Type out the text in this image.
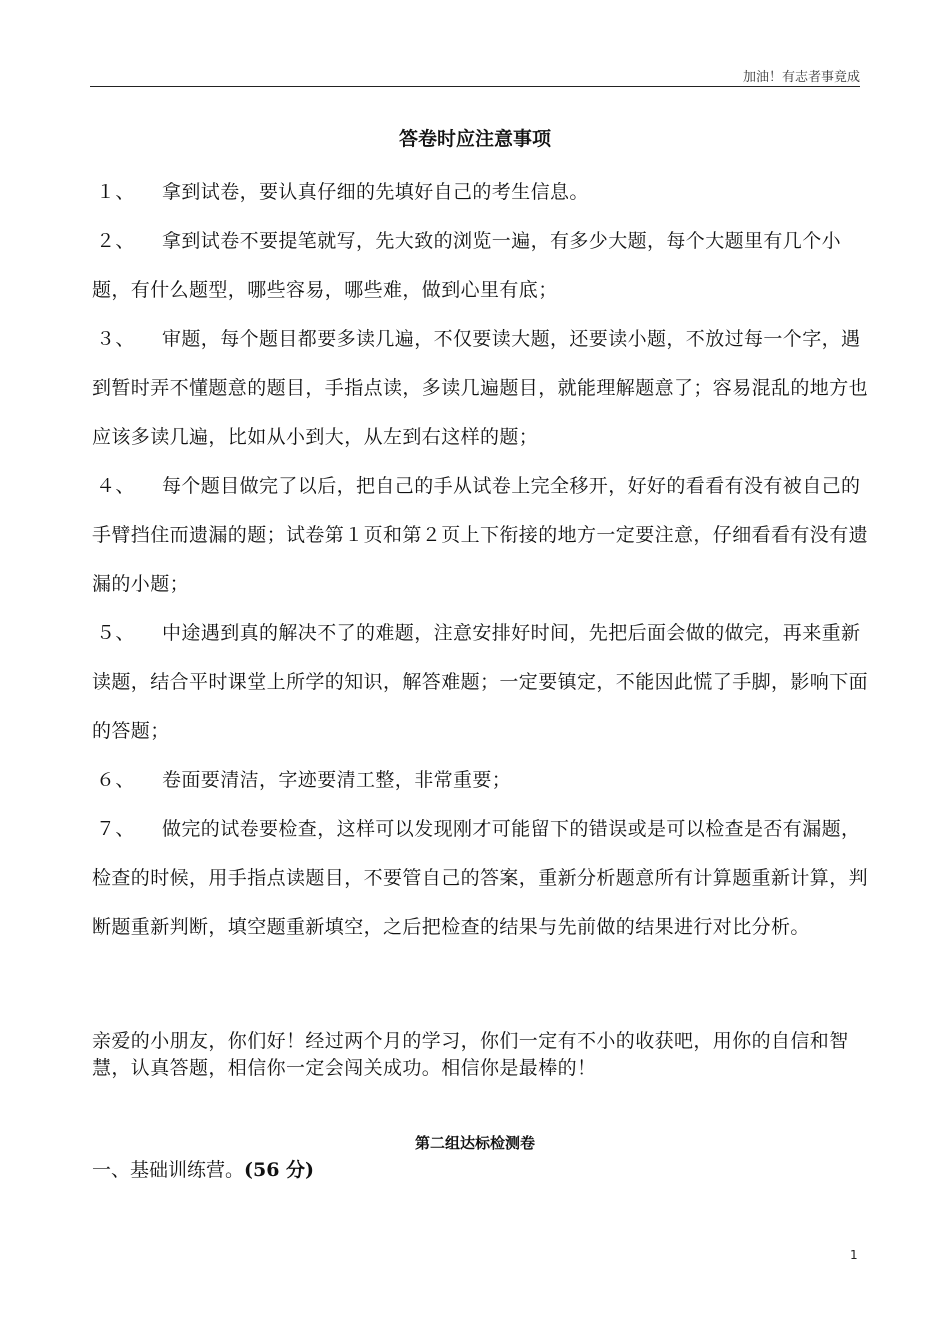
加油！有志者事竟成
答卷时应注意事项

１、 拿到试卷，要认真仔细的先填好自己的考生信息。

２、 拿到试卷不要提笔就写，先大致的浏览一遍，有多少大题，每个大题里有几个小题，有什么题型，哪些容易，哪些难，做到心里有底；

３、 审题，每个题目都要多读几遍，不仅要读大题，还要读小题，不放过每一个字，遇到暂时弄不懂题意的题目，手指点读，多读几遍题目，就能理解题意了；容易混乱的地方也应该多读几遍，比如从小到大，从左到右这样的题；

４、 每个题目做完了以后，把自己的手从试卷上完全移开，好好的看看有没有被自己的手臂挡住而遗漏的题；试卷第１页和第２页上下衔接的地方一定要注意，仔细看看有没有遗漏的小题；

５、 中途遇到真的解决不了的难题，注意安排好时间，先把后面会做的做完，再来重新读题，结合平时课堂上所学的知识，解答难题；一定要镇定，不能因此慌了手脚，影响下面的答题；

６、 卷面要清洁，字迹要清工整，非常重要；

７、 做完的试卷要检查，这样可以发现刚才可能留下的错误或是可以检查是否有漏题，检查的时候，用手指点读题目，不要管自己的答案，重新分析题意所有计算题重新计算，判断题重新判断，填空题重新填空，之后把检查的结果与先前做的结果进行对比分析。

亲爱的小朋友，你们好！经过两个月的学习，你们一定有不小的收获吧，用你的自信和智慧，认真答题，相信你一定会闯关成功。相信你是最棒的！
第二组达标检测卷
一、基础训练营。(56 分)
1
